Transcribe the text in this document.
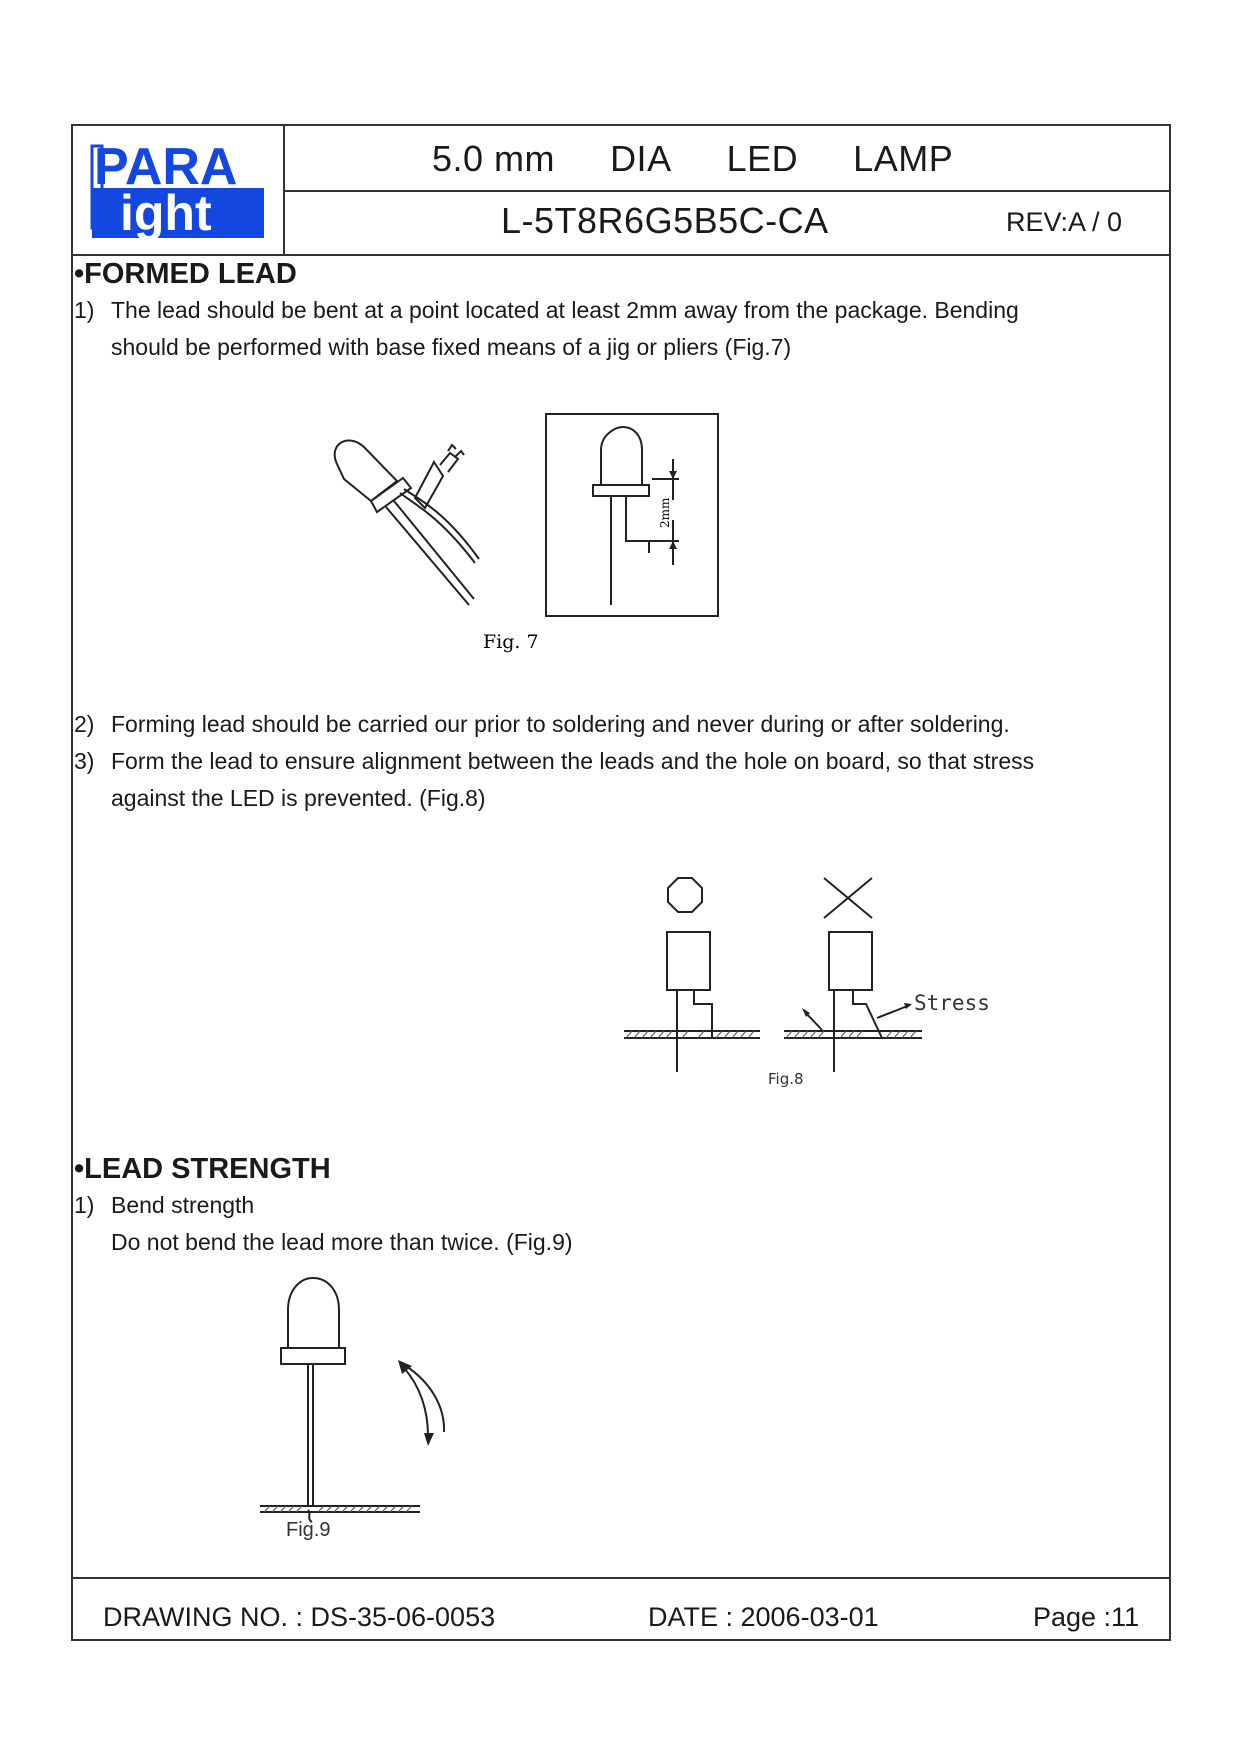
PARA
ight
5.0 mm DIA LED LAMP
L-5T8R6G5B5C-CA	REV:A / 0
•FORMED LEAD
1) The lead should be bent at a point located at least 2mm away from the package. Bending

should be performed with base fixed means of a jig or pliers (Fig.7)
2mm
Fig. 7
2) Forming lead should be carried our prior to soldering and never during or after soldering.
3) Form the lead to ensure alignment between the leads and the hole on board, so that stress

against the LED is prevented. (Fig.8)
Stress
Fig.8
•LEAD STRENGTH
1) Bend strength

Do not bend the lead more than twice. (Fig.9)
Fig.9
DRAWING NO. : DS-35-06-0053	DATE : 2006-03-01	Page :11
